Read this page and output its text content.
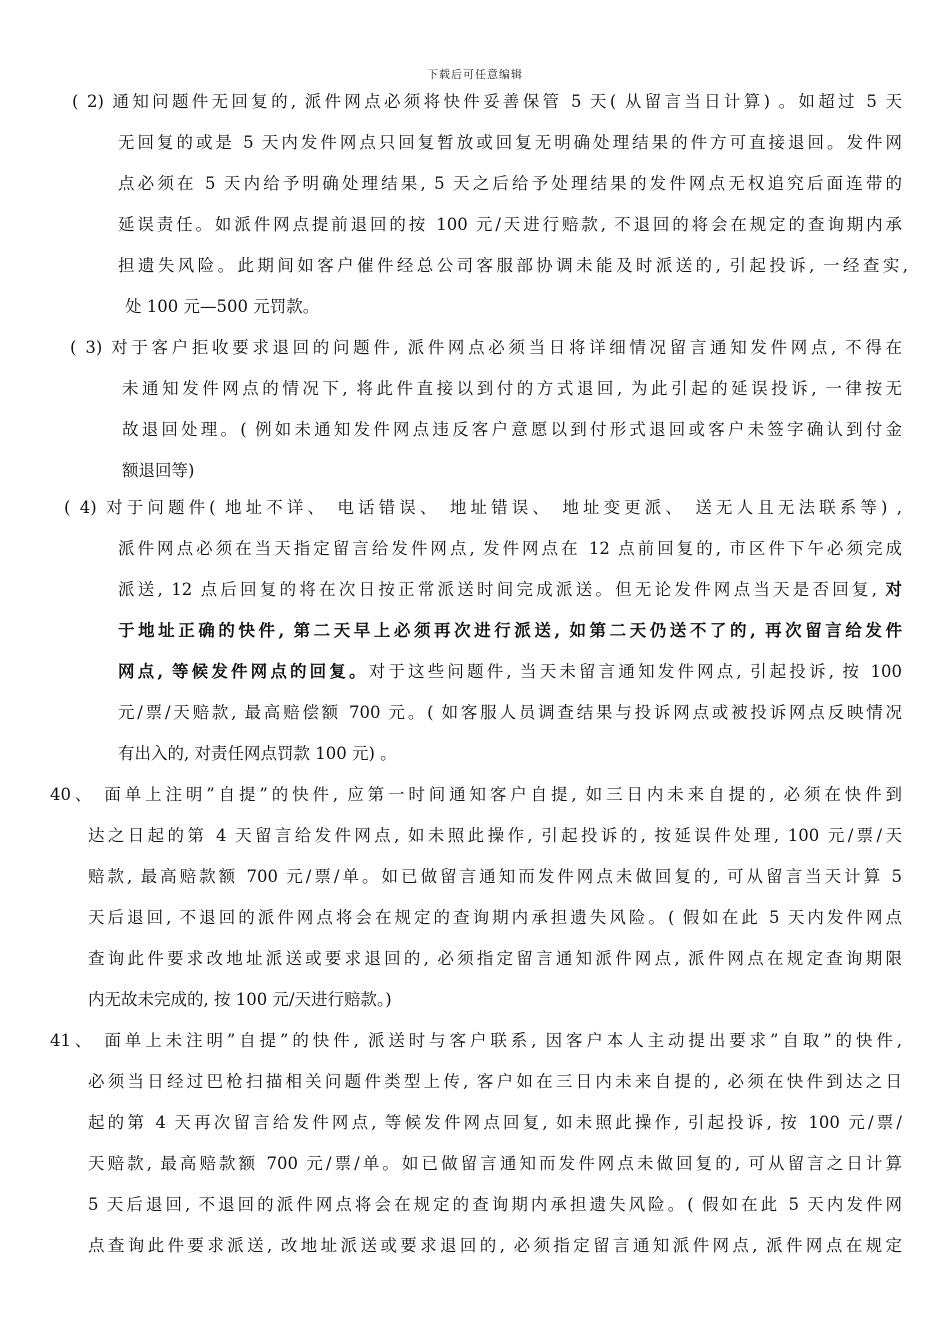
下载后可任意编辑
( 2) 通知问题件无回复的, 派件网点必须将快件妥善保管 5 天( 从留言当日计算) 。如超过 5 天
无回复的或是 5 天内发件网点只回复暂放或回复无明确处理结果的件方可直接退回。发件网
点必须在 5 天内给予明确处理结果, 5 天之后给予处理结果的发件网点无权追究后面连带的
延误责任。如派件网点提前退回的按 100 元/天进行赔款, 不退回的将会在规定的查询期内承
担遗失风险。此期间如客户催件经总公司客服部协调未能及时派送的, 引起投诉, 一经查实,
处 100 元—500 元罚款。
( 3) 对于客户拒收要求退回的问题件, 派件网点必须当日将详细情况留言通知发件网点, 不得在
未通知发件网点的情况下, 将此件直接以到付的方式退回, 为此引起的延误投诉, 一律按无
故退回处理。( 例如未通知发件网点违反客户意愿以到付形式退回或客户未签字确认到付金
额退回等)
( 4) 对于问题件( 地址不详、 电话错误、 地址错误、 地址变更派、 送无人且无法联系等) ,
派件网点必须在当天指定留言给发件网点, 发件网点在 12 点前回复的, 市区件下午必须完成
派送, 12 点后回复的将在次日按正常派送时间完成派送。但无论发件网点当天是否回复, 对
于地址正确的快件, 第二天早上必须再次进行派送, 如第二天仍送不了的, 再次留言给发件
网点, 等候发件网点的回复。对于这些问题件, 当天未留言通知发件网点, 引起投诉, 按 100
元/票/天赔款, 最高赔偿额 700 元。( 如客服人员调查结果与投诉网点或被投诉网点反映情况
有出入的, 对责任网点罚款 100 元) 。
40、 面单上注明”自提”的快件, 应第一时间通知客户自提, 如三日内未来自提的, 必须在快件到
达之日起的第 4 天留言给发件网点, 如未照此操作, 引起投诉的, 按延误件处理, 100 元/票/天
赔款, 最高赔款额 700 元/票/单。如已做留言通知而发件网点未做回复的, 可从留言当天计算 5
天后退回, 不退回的派件网点将会在规定的查询期内承担遗失风险。( 假如在此 5 天内发件网点
查询此件要求改地址派送或要求退回的, 必须指定留言通知派件网点, 派件网点在规定查询期限
内无故未完成的, 按 100 元/天进行赔款。)
41、 面单上未注明”自提”的快件, 派送时与客户联系, 因客户本人主动提出要求”自取”的快件,
必须当日经过巴枪扫描相关问题件类型上传, 客户如在三日内未来自提的, 必须在快件到达之日
起的第 4 天再次留言给发件网点, 等候发件网点回复, 如未照此操作, 引起投诉, 按 100 元/票/
天赔款, 最高赔款额 700 元/票/单。如已做留言通知而发件网点未做回复的, 可从留言之日计算
5 天后退回, 不退回的派件网点将会在规定的查询期内承担遗失风险。( 假如在此 5 天内发件网
点查询此件要求派送, 改地址派送或要求退回的, 必须指定留言通知派件网点, 派件网点在规定
